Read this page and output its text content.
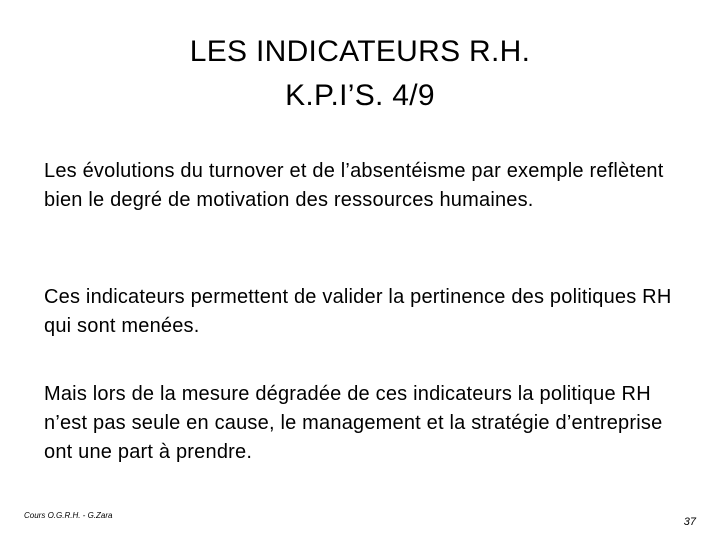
LES INDICATEURS R.H.
K.P.I’S. 4/9
Les évolutions du turnover et de l’absentéisme par exemple reflètent bien le degré de motivation des ressources humaines.
Ces indicateurs permettent de valider la pertinence des politiques RH qui sont menées.
Mais lors de la mesure dégradée de ces indicateurs la politique RH n’est pas seule en cause, le management et la stratégie d’entreprise ont une part à prendre.
Cours O.G.R.H. - G.Zara
37
